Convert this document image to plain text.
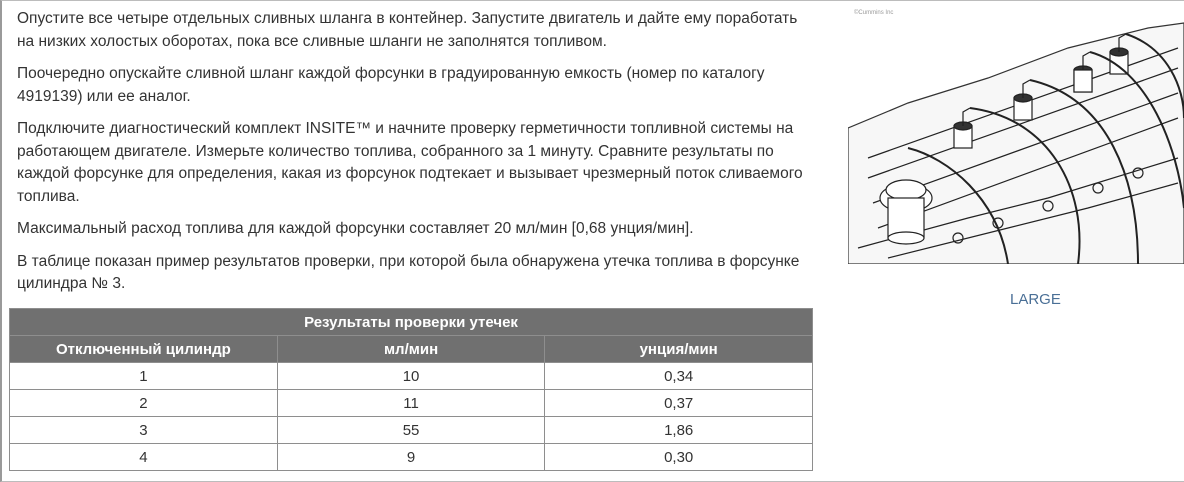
Опустите все четыре отдельных сливных шланга в контейнер. Запустите двигатель и дайте ему поработать на низких холостых оборотах, пока все сливные шланги не заполнятся топливом.

Поочередно опускайте сливной шланг каждой форсунки в градуированную емкость (номер по каталогу 4919139) или ее аналог.

Подключите диагностический комплект INSITE™ и начните проверку герметичности топливной системы на работающем двигателе. Измерьте количество топлива, собранного за 1 минуту. Сравните результаты по каждой форсунке для определения, какая из форсунок подтекает и вызывает чрезмерный поток сливаемого топлива.

Максимальный расход топлива для каждой форсунки составляет 20 мл/мин [0,68 унция/мин].

В таблице показан пример результатов проверки, при которой была обнаружена утечка топлива в форсунке цилиндра № 3.

Результаты проверки утечек		
Отключенный цилиндр	мл/мин	унция/мин
1	10	0,34
2	11	0,37
3	55	1,86
4	9	0,30
©Cummins Inc
LARGE
